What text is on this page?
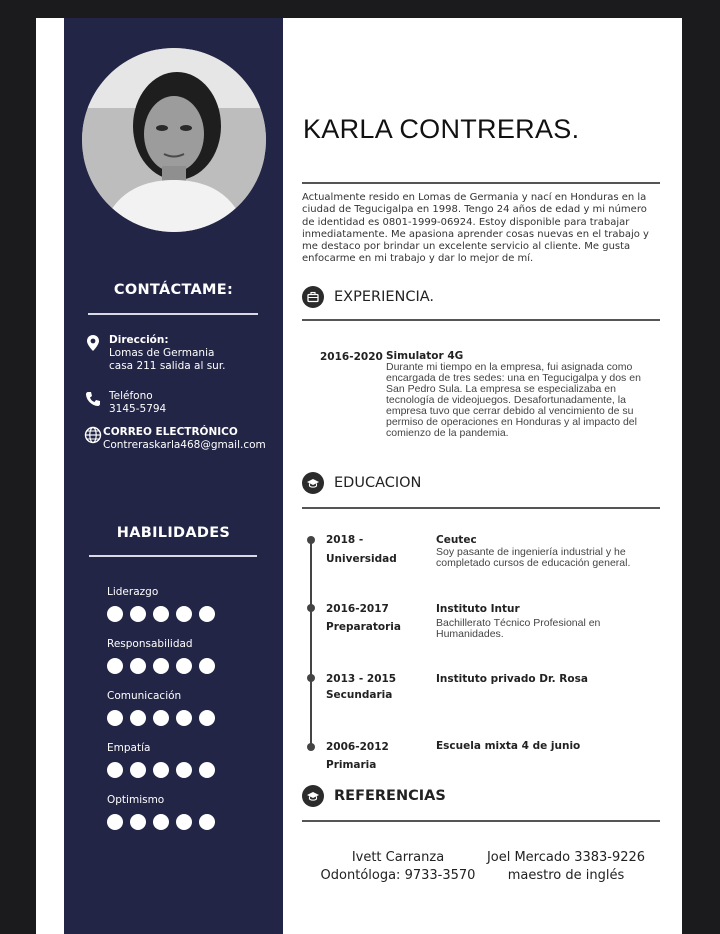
CONTÁCTAME:
Dirección:
Lomas de Germania
casa 211 salida al sur.
Teléfono
3145-5794
CORREO ELECTRÓNICO
Contreraskarla468@gmail.com
HABILIDADES
Liderazgo
Responsabilidad
Comunicación
Empatía
Optimismo
KARLA CONTRERAS.
Actualmente resido en Lomas de Germania y nací en Honduras en la ciudad de Tegucigalpa en 1998. Tengo 24 años de edad y mi número de identidad es 0801-1999-06924. Estoy disponible para trabajar inmediatamente. Me apasiona aprender cosas nuevas en el trabajo y me destaco por brindar un excelente servicio al cliente. Me gusta enfocarme en mi trabajo y dar lo mejor de mí.
EXPERIENCIA.
2016-2020 Simulator 4G
Durante mi tiempo en la empresa, fui asignada como encargada de tres sedes: una en Tegucigalpa y dos en San Pedro Sula. La empresa se especializaba en tecnología de videojuegos. Desafortunadamente, la empresa tuvo que cerrar debido al vencimiento de su permiso de operaciones en Honduras y al impacto del comienzo de la pandemia.
EDUCACION
2018 -
Universidad
Ceutec
Soy pasante de ingeniería industrial y he completado cursos de educación general.
2016-2017
Preparatoria
Instituto Intur
Bachillerato Técnico Profesional en Humanidades.
2013 - 2015
Secundaria
Instituto privado Dr. Rosa
2006-2012
Primaria
Escuela mixta 4 de junio
REFERENCIAS
Ivett Carranza
Odontóloga: 9733-3570
Joel Mercado 3383-9226
maestro de inglés
